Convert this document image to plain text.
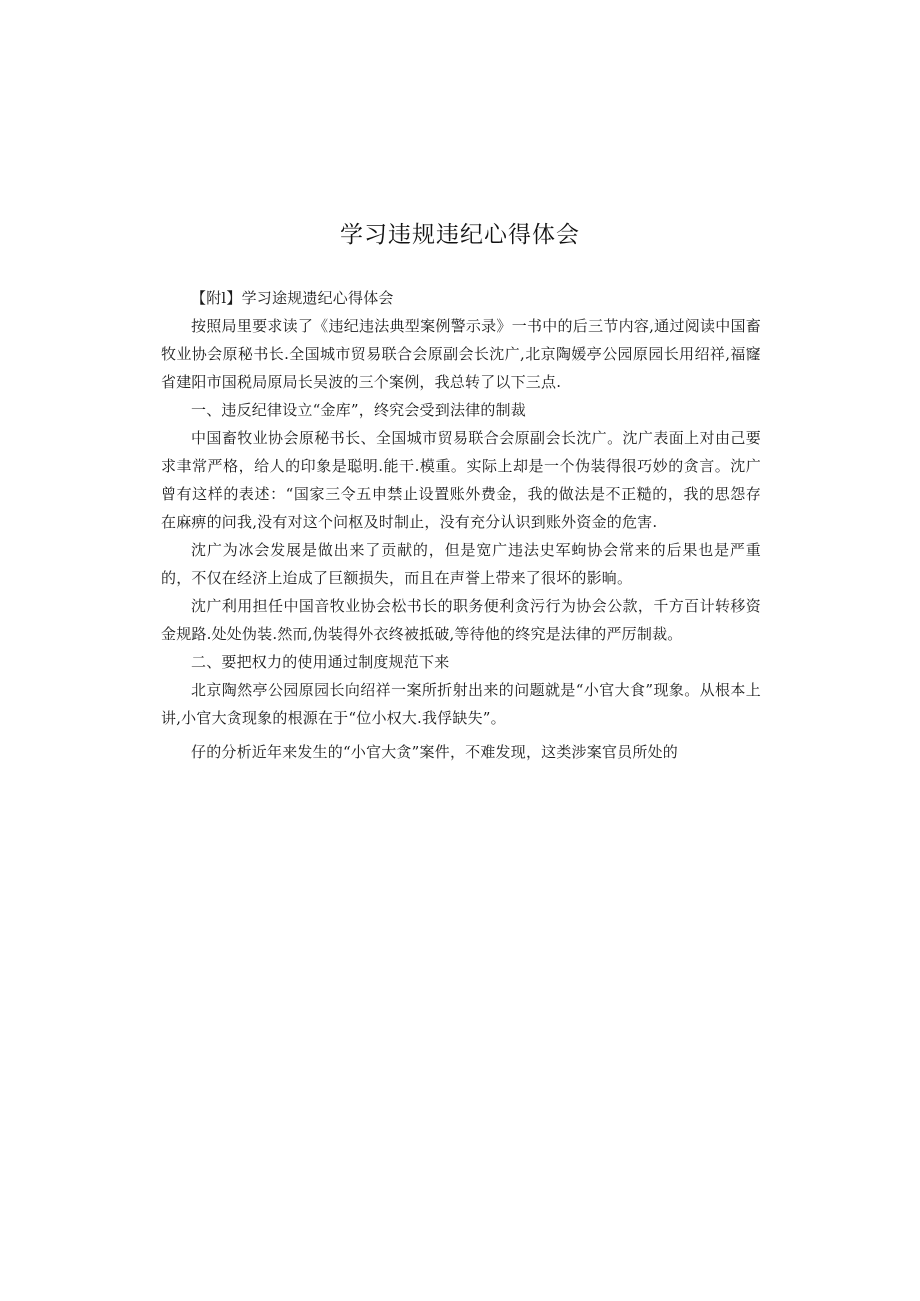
学习违规违纪心得体会

【附l】学习途规遗纪心得体会

按照局里要求读了《违纪违法典型案例警示录》一书中的后三节内容,通过阅读中国畜牧业协会原秘书长.全国城市贸易联合会原副会长沈广,北京陶媛亭公园原园长用绍祥,福窿省建阳市国税局原局长吴波的三个案例，我总转了以下三点.

一、违反纪律设立“金库”，终究会受到法律的制裁

中国畜牧业协会原秘书长、全国城市贸易联合会原副会长沈广。沈广表面上对由己要求聿常严格，给人的印象是聪明.能干.模重。实际上却是一个伪装得很巧妙的贪言。沈广曾有这样的表述：“国家三令五申禁止设置账外费金，我的做法是不正糙的，我的思怨存在麻痹的问我,没有对这个问枢及时制止，没有充分认识到账外资金的危害.

沈广为冰会发展是做出来了贡献的，但是宽广违法史军蚼协会常来的后果也是严重的，不仅在经济上迨成了巨额损失，而且在声誉上带来了很坏的影晌。

沈广利用担任中国音牧业协会松书长的职务便利贪污行为协会公款，千方百计转移资金规路.处处伪装.然而,伪装得外衣终被抵破,等待他的终究是法律的严厉制裁。

二、要把权力的使用通过制度规范下来

北京陶然亭公园原园长向绍祥一案所折射出来的问题就是“小官大食”现象。从根本上讲,小官大贪现象的根源在于“位小权大.我俘缺失”。

仔的分析近年来发生的“小官大贪”案件，不难发现，这类涉案官员所处的
